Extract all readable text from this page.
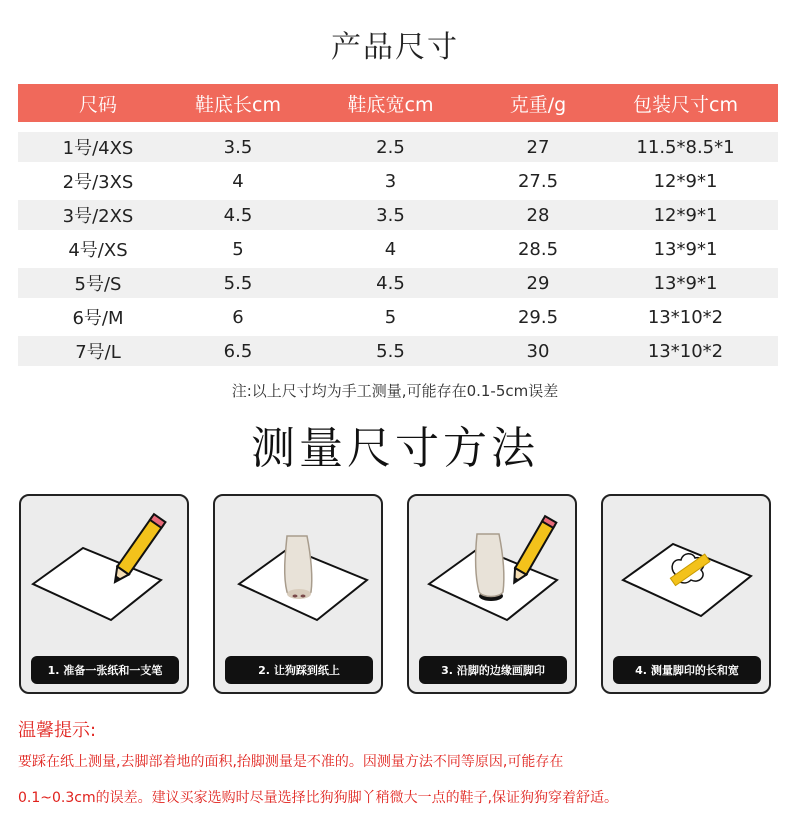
产品尺寸
尺码	鞋底长cm	鞋底宽cm	克重/g	包装尺寸cm
1号/4XS	3.5	2.5	27	11.5*8.5*1
2号/3XS	4	3	27.5	12*9*1
3号/2XS	4.5	3.5	28	12*9*1
4号/XS	5	4	28.5	13*9*1
5号/S	5.5	4.5	29	13*9*1
6号/M	6	5	29.5	13*10*2
7号/L	6.5	5.5	30	13*10*2
注:以上尺寸均为手工测量,可能存在0.1-5cm误差
测量尺寸方法
1. 准备一张纸和一支笔	2. 让狗踩到纸上	3. 沿脚的边缘画脚印	4. 测量脚印的长和宽
温馨提示:
要踩在纸上测量,去脚部着地的面积,抬脚测量是不准的。因测量方法不同等原因,可能存在
0.1~0.3cm的误差。建议买家选购时尽量选择比狗狗脚丫稍微大一点的鞋子,保证狗狗穿着舒适。
